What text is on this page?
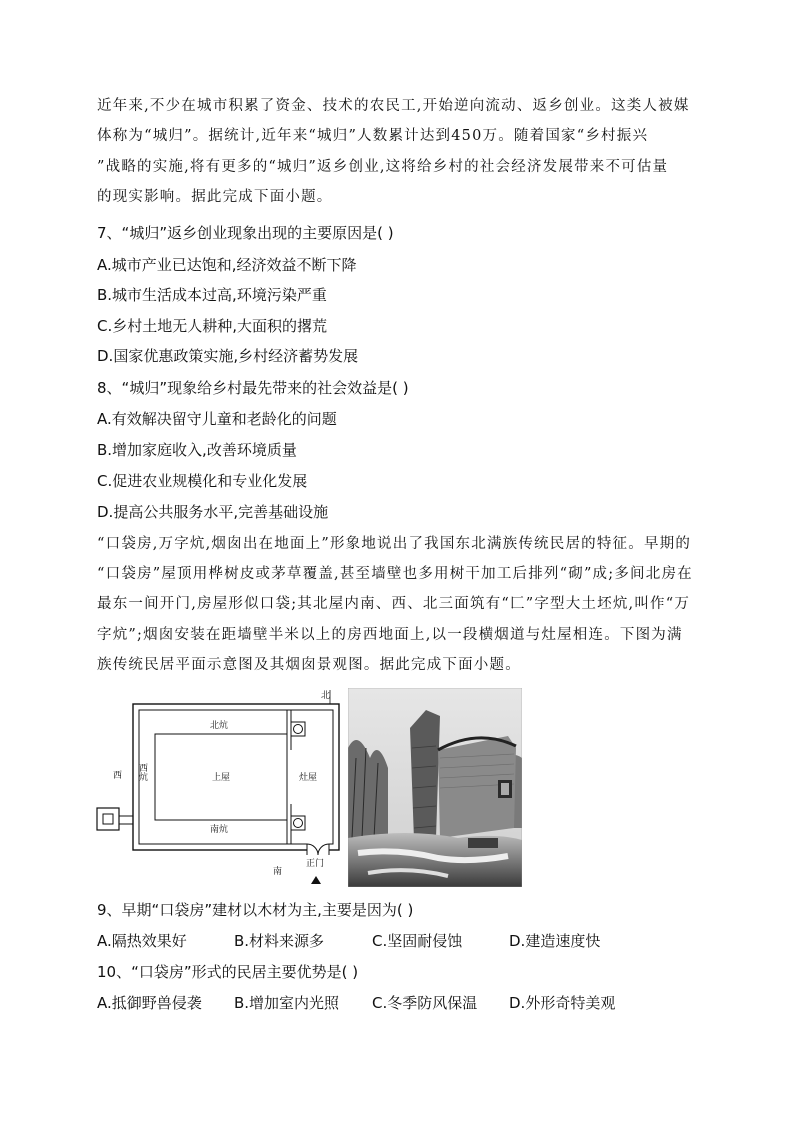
近年来,不少在城市积累了资金、技术的农民工,开始逆向流动、返乡创业。这类人被媒
体称为“城归”。据统计,近年来“城归”人数累计达到450万。随着国家“乡村振兴
”战略的实施,将有更多的“城归”返乡创业,这将给乡村的社会经济发展带来不可估量
的现实影响。据此完成下面小题。
7、“城归”返乡创业现象出现的主要原因是( )
A.城市产业已达饱和,经济效益不断下降
B.城市生活成本过高,环境污染严重
C.乡村土地无人耕种,大面积的撂荒
D.国家优惠政策实施,乡村经济蓄势发展
8、“城归”现象给乡村最先带来的社会效益是( )
A.有效解决留守儿童和老龄化的问题
B.增加家庭收入,改善环境质量
C.促进农业规模化和专业化发展
D.提高公共服务水平,完善基础设施
“口袋房,万字炕,烟囱出在地面上”形象地说出了我国东北满族传统民居的特征。早期的
“口袋房”屋顶用桦树皮或茅草覆盖,甚至墙壁也多用树干加工后排列“砌”成;多间北房在
最东一间开门,房屋形似口袋;其北屋内南、西、北三面筑有“匚”字型大土坯炕,叫作“万
字炕”;烟囱安装在距墙壁半米以上的房西地面上,以一段横烟道与灶屋相连。下图为满
族传统民居平面示意图及其烟囱景观图。据此完成下面小题。
北
西
南
北炕
南炕
西炕	上屋	灶屋
正门
9、早期“口袋房”建材以木材为主,主要是因为( )
A.隔热效果好	B.材料来源多	C.坚固耐侵蚀	D.建造速度快
10、“口袋房”形式的民居主要优势是( )
A.抵御野兽侵袭 B.增加室内光照 C.冬季防风保温 D.外形奇特美观
